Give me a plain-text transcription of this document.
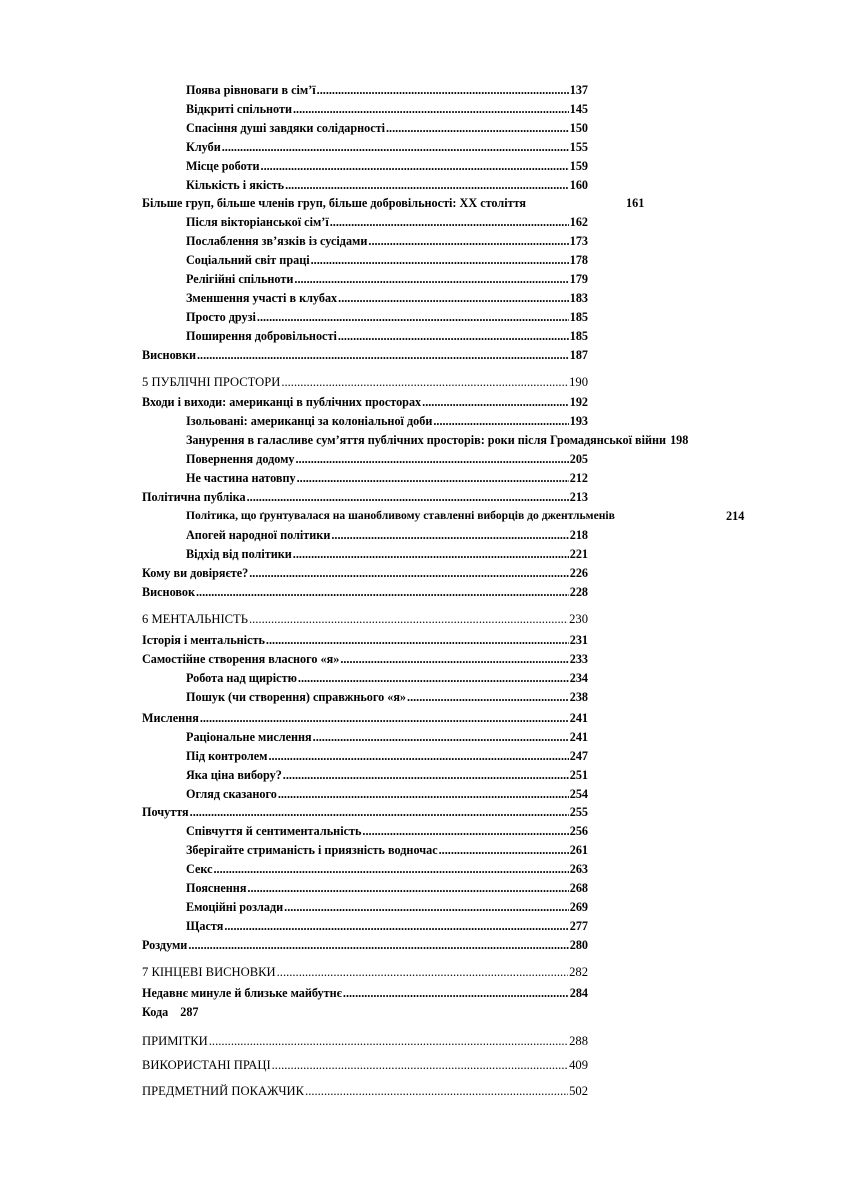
Поява рівноваги в сім’ї .....	137
Відкриті спільноти .....	145
Спасіння душі завдяки солідарності .....	150
Клуби .....	155
Місце роботи .....	159
Кількість і якість .....	160
Більше груп, більше членів груп, більше добровільності: XX століття	161
Після вікторіанської сім’ї .....	162
Послаблення зв’язків із сусідами .....	173
Соціальний світ праці .....	178
Релігійні спільноти .....	179
Зменшення участі в клубах .....	183
Просто друзі .....	185
Поширення добровільності .....	185
Висновки .....	187
5 ПУБЛІЧНІ ПРОСТОРИ .....	190
Входи і виходи: американці в публічних просторах .....	192
Ізольовані: американці за колоніальної доби .....	193
Занурення в галасливе сум’яття публічних просторів: роки після Громадянської війни 198
Повернення додому .....	205
Не частина натовпу .....	212
Політична публіка .....	213
Політика, що ґрунтувалася на шанобливому ставленні виборців до джентльменів	214
Апогей народної політики .....	218
Відхід від політики .....	221
Кому ви довіряєте? .....	226
Висновок .....	228
6 МЕНТАЛЬНІСТЬ .....	230
Історія і ментальність .....	231
Самостійне створення власного «я» .....	233
Робота над щирістю .....	234
Пошук (чи створення) справжнього «я» .....	238
Мислення .....	241
Раціональне мислення .....	241
Під контролем .....	247
Яка ціна вибору? .....	251
Огляд сказаного .....	254
Почуття .....	255
Співчуття й сентиментальність .....	256
Зберігайте стриманість і приязність водночас .....	261
Секс .....	263
Пояснення .....	268
Емоційні розлади .....	269
Щастя .....	277
Роздуми .....	280
7 КІНЦЕВІ ВИСНОВКИ .....	282
Недавнє минуле й близьке майбутнє .....	284
Кода 287
ПРИМІТКИ .....	288
ВИКОРИСТАНІ ПРАЦІ .....	409
ПРЕДМЕТНИЙ ПОКАЖЧИК .....	502
